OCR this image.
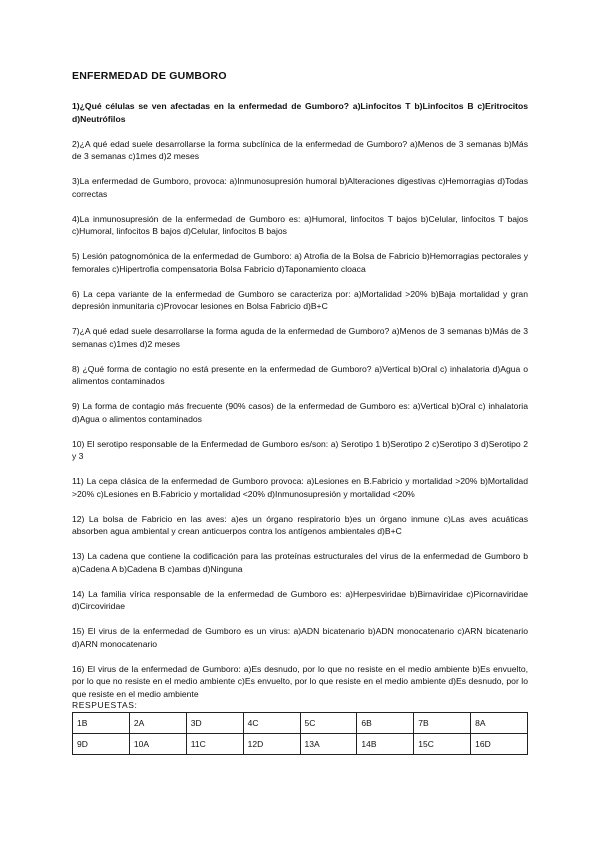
ENFERMEDAD DE GUMBORO
1)¿Qué células se ven afectadas en la enfermedad de Gumboro? a)Linfocitos T b)Linfocitos B c)Eritrocitos d)Neutrófilos
2)¿A qué edad suele desarrollarse la forma subclínica de la enfermedad de Gumboro? a)Menos de 3 semanas b)Más de 3 semanas c)1mes d)2 meses
3)La enfermedad de Gumboro, provoca: a)Inmunosupresión humoral b)Alteraciones digestivas c)Hemorragias d)Todas correctas
4)La inmunosupresión de la enfermedad de Gumboro es: a)Humoral, linfocitos T bajos b)Celular, linfocitos T bajos c)Humoral, linfocitos B bajos d)Celular, linfocitos B bajos
5) Lesión patognomónica de la enfermedad de Gumboro: a) Atrofia de la Bolsa de Fabricio b)Hemorragias pectorales y femorales c)Hipertrofia compensatoria Bolsa Fabricio d)Taponamiento cloaca
6) La cepa variante de la enfermedad de Gumboro se caracteriza por: a)Mortalidad >20% b)Baja mortalidad y gran depresión inmunitaria c)Provocar lesiones en Bolsa Fabricio d)B+C
7)¿A qué edad suele desarrollarse la forma aguda de la enfermedad de Gumboro? a)Menos de 3 semanas b)Más de 3 semanas c)1mes d)2 meses
8) ¿Qué forma de contagio no está presente en la enfermedad de Gumboro? a)Vertical b)Oral c) inhalatoria d)Agua o alimentos contaminados
9) La forma de contagio más frecuente (90% casos) de la enfermedad de Gumboro es: a)Vertical b)Oral c) inhalatoria d)Agua o alimentos contaminados
10) El serotipo responsable de la Enfermedad de Gumboro es/son: a) Serotipo 1 b)Serotipo 2 c)Serotipo 3 d)Serotipo 2 y 3
11) La cepa clásica de la enfermedad de Gumboro provoca: a)Lesiones en B.Fabricio y mortalidad >20% b)Mortalidad >20% c)Lesiones en B.Fabricio y mortalidad <20% d)Inmunosupresión y mortalidad <20%
12) La bolsa de Fabricio en las aves: a)es un órgano respiratorio b)es un órgano inmune c)Las aves acuáticas absorben agua ambiental y crean anticuerpos contra los antígenos ambientales d)B+C
13) La cadena que contiene la codificación para las proteínas estructurales del virus de la enfermedad de Gumboro b a)Cadena A b)Cadena B c)ambas d)Ninguna
14) La familia vírica responsable de la enfermedad de Gumboro es: a)Herpesviridae b)Birnaviridae c)Picornaviridae d)Circoviridae
15) El virus de la enfermedad de Gumboro es un virus: a)ADN bicatenario b)ADN monocatenario c)ARN bicatenario d)ARN monocatenario
16) El virus de la enfermedad de Gumboro: a)Es desnudo, por lo que no resiste en el medio ambiente b)Es envuelto, por lo que no resiste en el medio ambiente c)Es envuelto, por lo que resiste en el medio ambiente d)Es desnudo, por lo que resiste en el medio ambiente

RESPUESTAS:

1B	2A	3D	4C	5C	6B	7B	8A
9D	10A	11C	12D	13A	14B	15C	16D
